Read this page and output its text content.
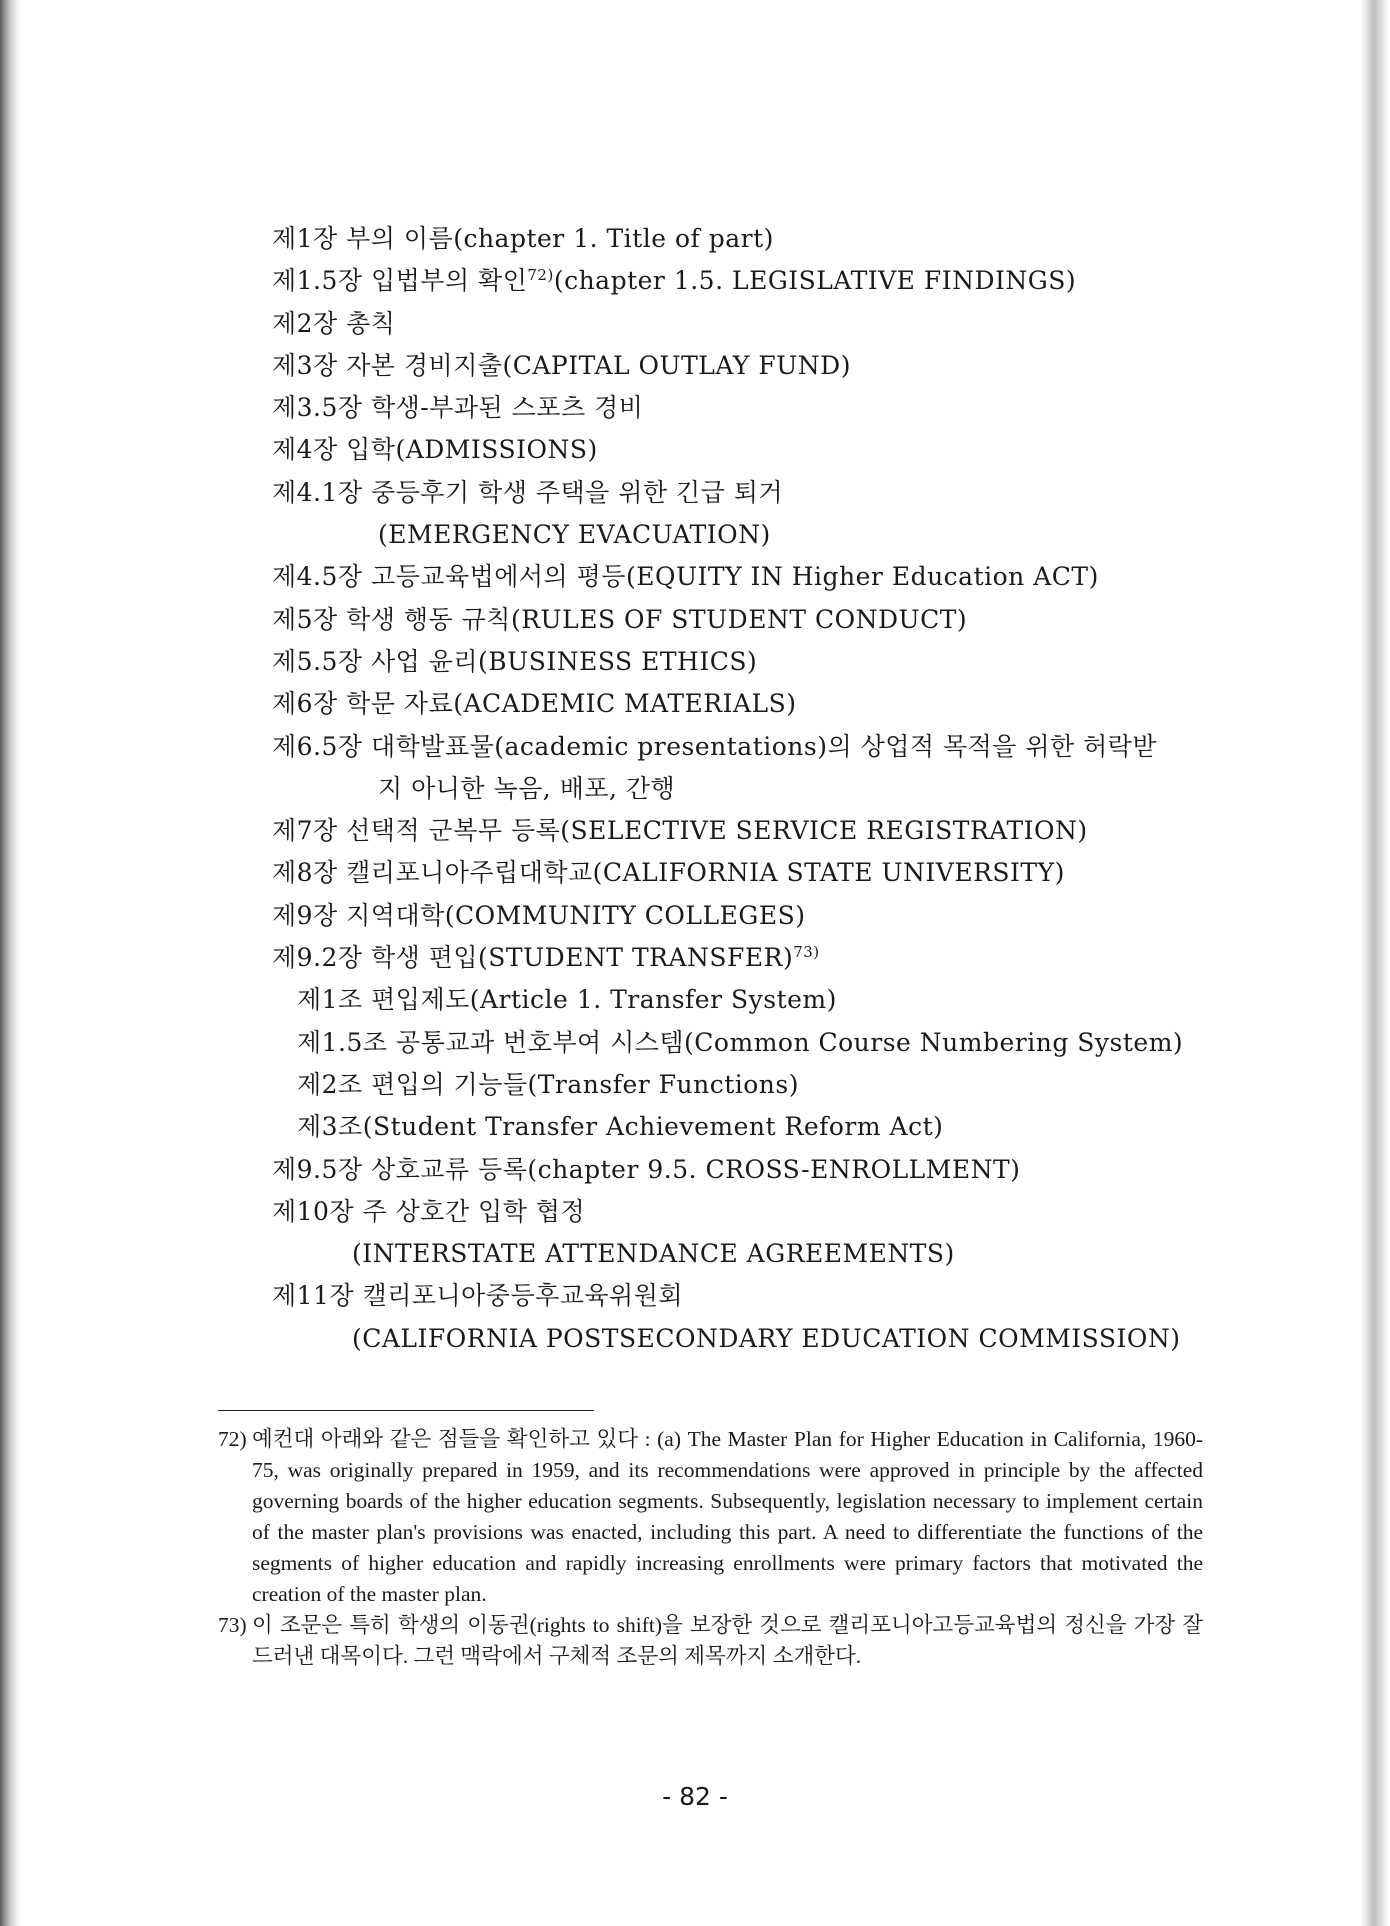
제1장 부의 이름(chapter 1. Title of part)
제1.5장 입법부의 확인$^{72)}$(chapter 1.5. LEGISLATIVE FINDINGS)
제2장 총칙
제3장 자본 경비지출(CAPITAL OUTLAY FUND)
제3.5장 학생-부과된 스포츠 경비
제4장 입학(ADMISSIONS)
제4.1장 중등후기 학생 주택을 위한 긴급 퇴거
(EMERGENCY EVACUATION)
제4.5장 고등교육법에서의 평등(EQUITY IN Higher Education ACT)
제5장 학생 행동 규칙(RULES OF STUDENT CONDUCT)
제5.5장 사업 윤리(BUSINESS ETHICS)
제6장 학문 자료(ACADEMIC MATERIALS)
제6.5장 대학발표물(academic presentations)의 상업적 목적을 위한 허락받
지 아니한 녹음, 배포, 간행
제7장 선택적 군복무 등록(SELECTIVE SERVICE REGISTRATION)
제8장 캘리포니아주립대학교(CALIFORNIA STATE UNIVERSITY)
제9장 지역대학(COMMUNITY COLLEGES)
제9.2장 학생 편입(STUDENT TRANSFER)$^{73)}$
제1조 편입제도(Article 1. Transfer System)
제1.5조 공통교과 번호부여 시스템(Common Course Numbering System)
제2조 편입의 기능들(Transfer Functions)
제3조(Student Transfer Achievement Reform Act)
제9.5장 상호교류 등록(chapter 9.5. CROSS-ENROLLMENT)
제10장 주 상호간 입학 협정
(INTERSTATE ATTENDANCE AGREEMENTS)
제11장 캘리포니아중등후교육위원회
(CALIFORNIA POSTSECONDARY EDUCATION COMMISSION)
72) 예컨대 아래와 같은 점들을 확인하고 있다 : (a) The Master Plan for Higher Education in California, 1960-75, was originally prepared in 1959, and its recommendations were approved in principle by the affected governing boards of the higher education segments. Subsequently, legislation necessary to implement certain of the master plan's provisions was enacted, including this part. A need to differentiate the functions of the segments of higher education and rapidly increasing enrollments were primary factors that motivated the creation of the master plan.
73) 이 조문은 특히 학생의 이동권(rights to shift)을 보장한 것으로 캘리포니아고등교육법의 정신을 가장 잘 드러낸 대목이다. 그런 맥락에서 구체적 조문의 제목까지 소개한다.
- 82 -
